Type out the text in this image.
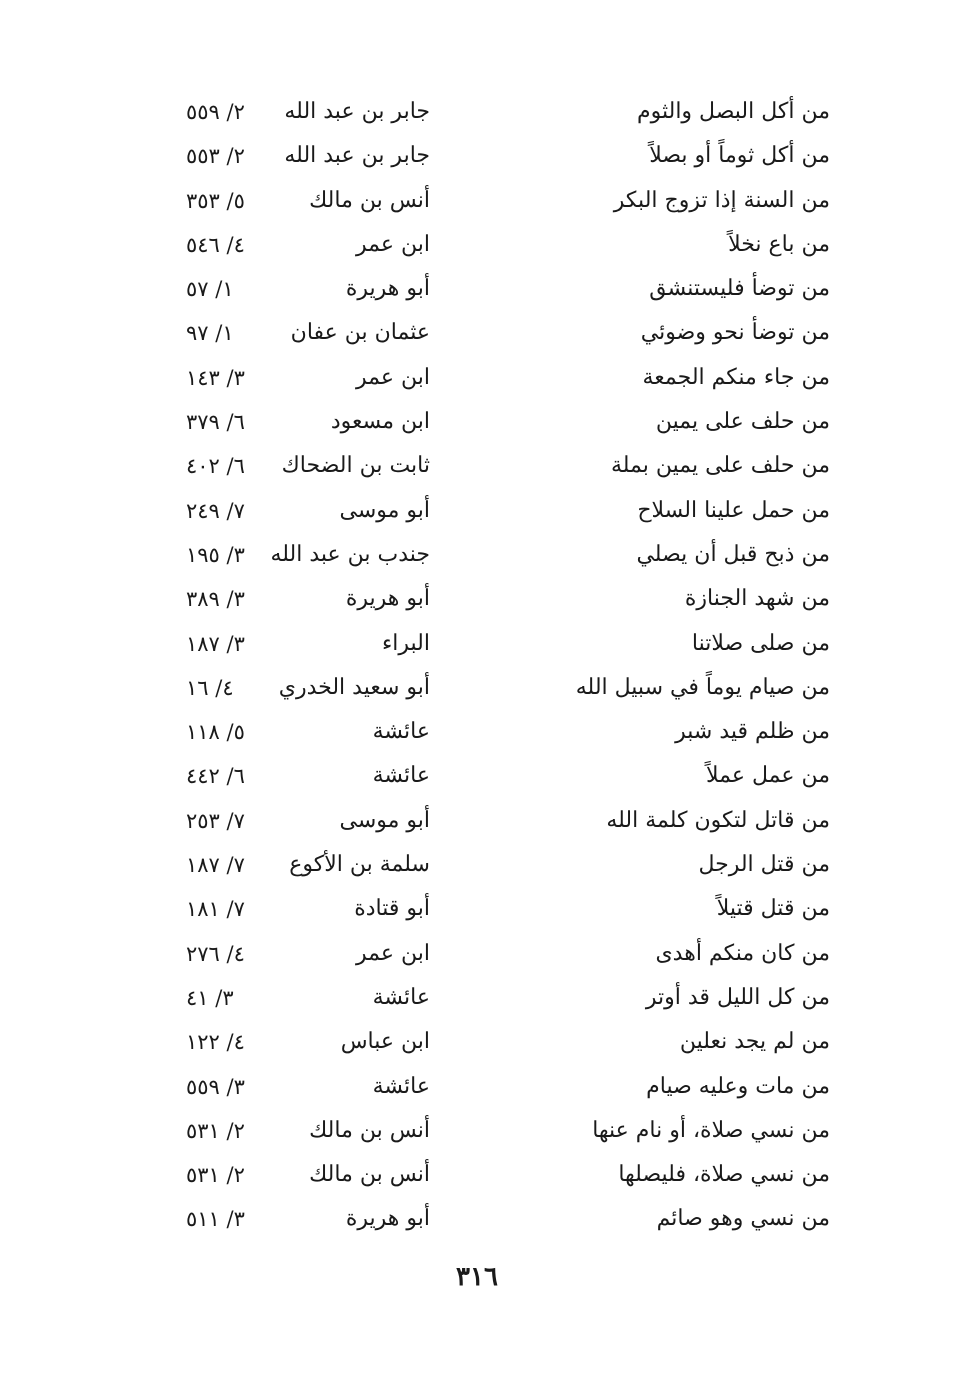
من أكل البصل والثوم
جابر بن عبد الله
٢/ ٥٥٩
من أكل ثوماً أو بصلاً
جابر بن عبد الله
٢/ ٥٥٣
من السنة إذا تزوج البكر
أنس بن مالك
٥/ ٣٥٣
من باع نخلاً
ابن عمر
٤/ ٥٤٦
من توضأ فليستنشق
أبو هريرة
١/ ٥٧
من توضأ نحو وضوئي
عثمان بن عفان
١/ ٩٧
من جاء منكم الجمعة
ابن عمر
٣/ ١٤٣
من حلف على يمين
ابن مسعود
٦/ ٣٧٩
من حلف على يمين بملة
ثابت بن الضحاك
٦/ ٤٠٢
من حمل علينا السلاح
أبو موسى
٧/ ٢٤٩
من ذبح قبل أن يصلي
جندب بن عبد الله
٣/ ١٩٥
من شهد الجنازة
أبو هريرة
٣/ ٣٨٩
من صلى صلاتنا
البراء
٣/ ١٨٧
من صيام يوماً في سبيل الله
أبو سعيد الخدري
٤/ ١٦
من ظلم قيد شبر
عائشة
٥/ ١١٨
من عمل عملاً
عائشة
٦/ ٤٤٢
من قاتل لتكون كلمة الله
أبو موسى
٧/ ٢٥٣
من قتل الرجل
سلمة بن الأكوع
٧/ ١٨٧
من قتل قتيلاً
أبو قتادة
٧/ ١٨١
من كان منكم أهدى
ابن عمر
٤/ ٢٧٦
من كل الليل قد أوتر
عائشة
٣/ ٤١
من لم يجد نعلين
ابن عباس
٤/ ١٢٢
من مات وعليه صيام
عائشة
٣/ ٥٥٩
من نسي صلاة، أو نام عنها
أنس بن مالك
٢/ ٥٣١
من نسي صلاة، فليصلها
أنس بن مالك
٢/ ٥٣١
من نسي وهو صائم
أبو هريرة
٣/ ٥١١
٣١٦
